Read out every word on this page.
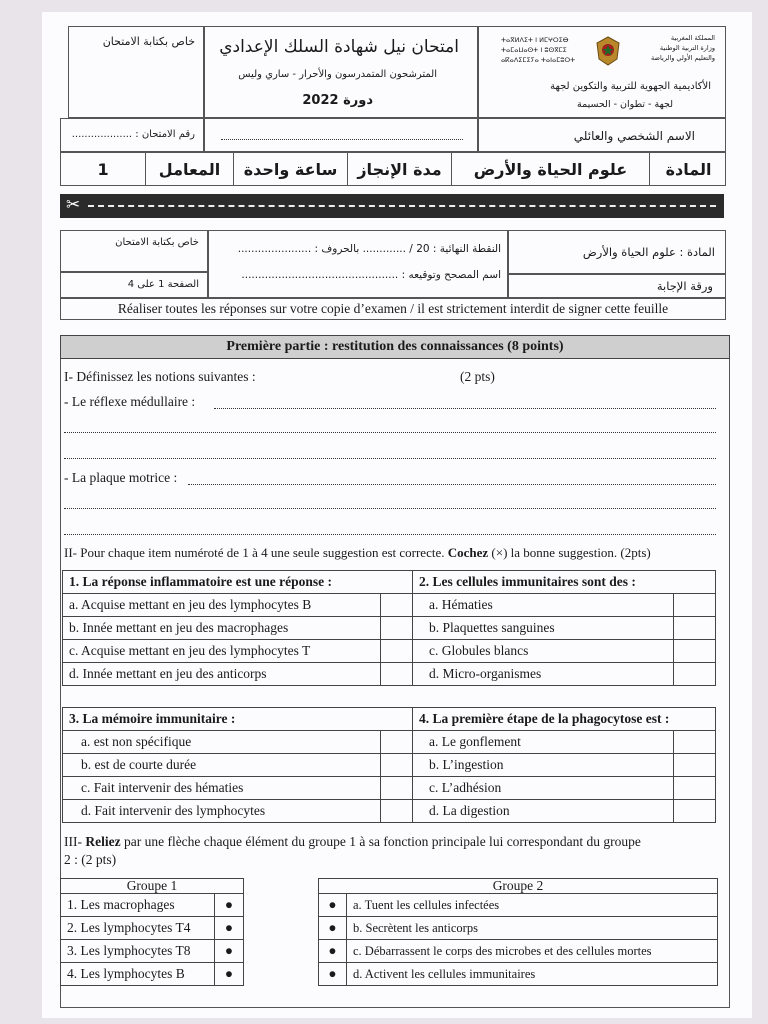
خاص بكتابة الامتحان امتحان نيل شهادة السلك الإعدادي
المترشحون المتمدرسون والأحرار - ساري وليس
دورة 2022
ⵜⴰⴳⵍⴷⵉⵜ ⵏ ⵍⵎⵖⵔⵉⴱ
ⵜⴰⵎⴰⵡⴰⵙⵜ ⵏ ⵓⵙⴳⵎⵉ
ⴰⴽⴰⴷⵉⵎⵉⵢⴰ ⵜⴰⵏⴰⵎⵓⵔⵜ
المملكة المغربية
وزارة التربية الوطنية
والتعليم الأولي والرياضة
الأكاديمية الجهوية للتربية والتكوين لجهة
لجهة - تطوان - الحسيمة
رقم الامتحان : ...................	الاسم الشخصي والعائلي
1	المعامل	ساعة واحدة	مدة الإنجاز	علوم الحياة والأرض	المادة
✂
خاص بكتابة الامتحان
الصفحة 1 على 4
النقطة النهائية : 20 / ............. بالحروف : ......................
اسم المصحح وتوقيعه : ...............................................
المادة : علوم الحياة والأرض
ورقة الإجابة
Réaliser toutes les réponses sur votre copie d’examen / il est strictement interdit de signer cette feuille
Première partie : restitution des connaissances (8 points)
I- Définissez les notions suivantes :	(2 pts)
- Le réflexe médullaire :
- La plaque motrice :
II- Pour chaque item numéroté de 1 à 4 une seule suggestion est correcte. Cochez (×) la bonne suggestion. (2pts)
1. La réponse inflammatoire est une réponse :		2. Les cellules immunitaires sont des :	
a. Acquise mettant en jeu des lymphocytes B		a. Hématies	
b. Innée mettant en jeu des macrophages		b. Plaquettes sanguines	
c. Acquise mettant en jeu des lymphocytes T		c. Globules blancs	
d. Innée mettant en jeu des anticorps		d. Micro-organismes	
3. La mémoire immunitaire :		4. La première étape de la phagocytose est :	
a. est non spécifique		a. Le gonflement	
b. est de courte durée		b. L’ingestion	
c. Fait intervenir des hématies		c. L’adhésion	
d. Fait intervenir des lymphocytes		d. La digestion	
III- Reliez par une flèche chaque élément du groupe 1 à sa fonction principale lui correspondant du groupe
2 : (2 pts)
Groupe 1	
1. Les macrophages	●
2. Les lymphocytes T4	●
3. Les lymphocytes T8	●
4. Les lymphocytes B	●
Groupe 2	
●	a. Tuent les cellules infectées
●	b. Secrètent les anticorps
●	c. Débarrassent le corps des microbes et des cellules mortes
●	d. Activent les cellules immunitaires
